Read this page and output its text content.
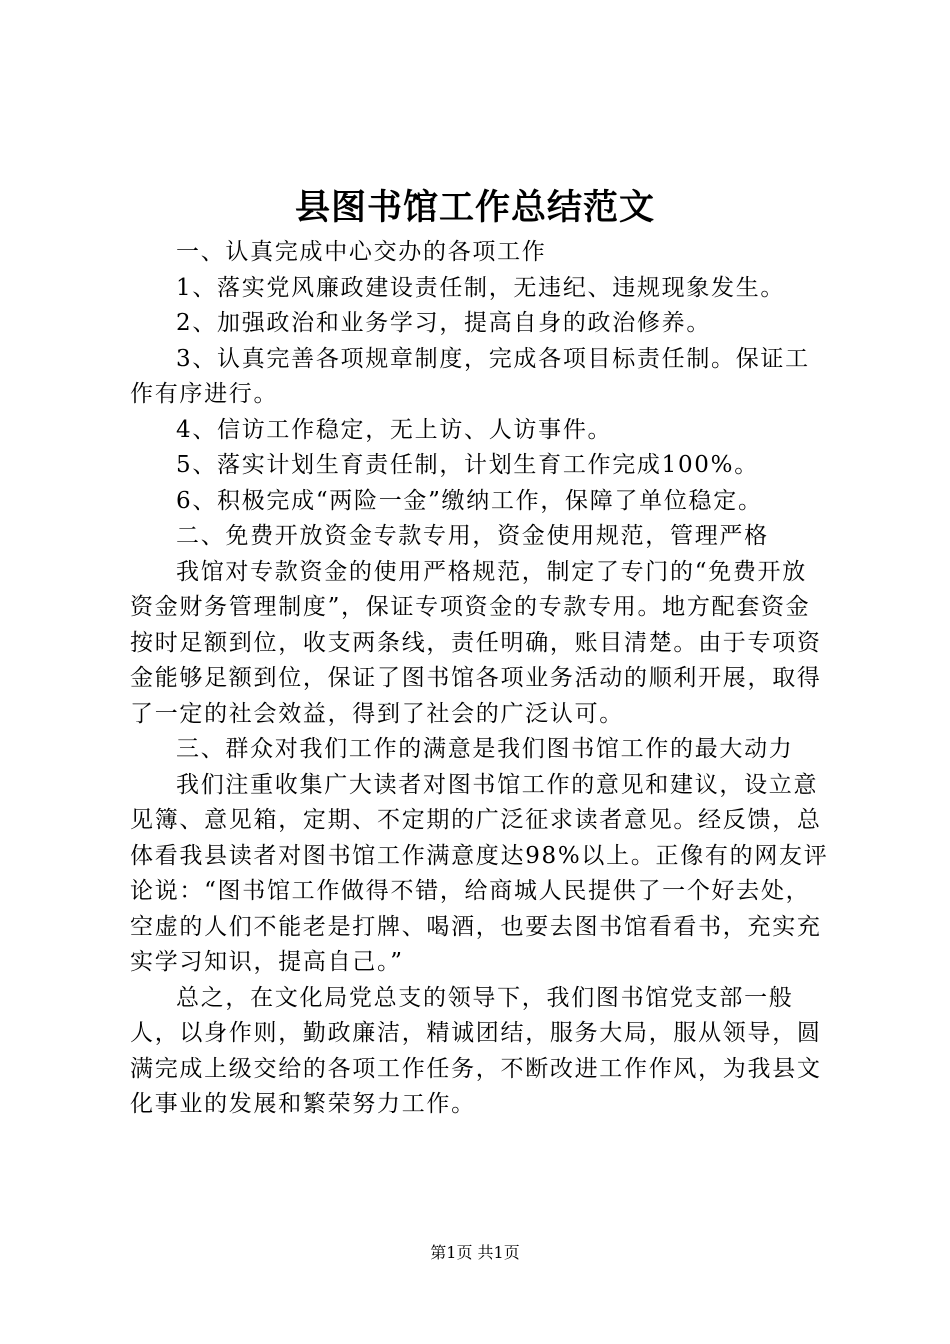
县图书馆工作总结范文

一、认真完成中心交办的各项工作

1、落实党风廉政建设责任制，无违纪、违规现象发生。

2、加强政治和业务学习，提高自身的政治修养。

3、认真完善各项规章制度，完成各项目标责任制。保证工作有序进行。

4、信访工作稳定，无上访、人访事件。

5、落实计划生育责任制，计划生育工作完成100%。

6、积极完成“两险一金”缴纳工作，保障了单位稳定。

二、免费开放资金专款专用，资金使用规范，管理严格

我馆对专款资金的使用严格规范，制定了专门的“免费开放资金财务管理制度”，保证专项资金的专款专用。地方配套资金按时足额到位，收支两条线，责任明确，账目清楚。由于专项资金能够足额到位，保证了图书馆各项业务活动的顺利开展，取得了一定的社会效益，得到了社会的广泛认可。

三、群众对我们工作的满意是我们图书馆工作的最大动力

我们注重收集广大读者对图书馆工作的意见和建议，设立意见簿、意见箱，定期、不定期的广泛征求读者意见。经反馈，总体看我县读者对图书馆工作满意度达98%以上。正像有的网友评论说：“图书馆工作做得不错，给商城人民提供了一个好去处，空虚的人们不能老是打牌、喝酒，也要去图书馆看看书，充实充实学习知识，提高自己。”

总之，在文化局党总支的领导下，我们图书馆党支部一般人，以身作则，勤政廉洁，精诚团结，服务大局，服从领导，圆满完成上级交给的各项工作任务，不断改进工作作风，为我县文化事业的发展和繁荣努力工作。

第1页 共1页
